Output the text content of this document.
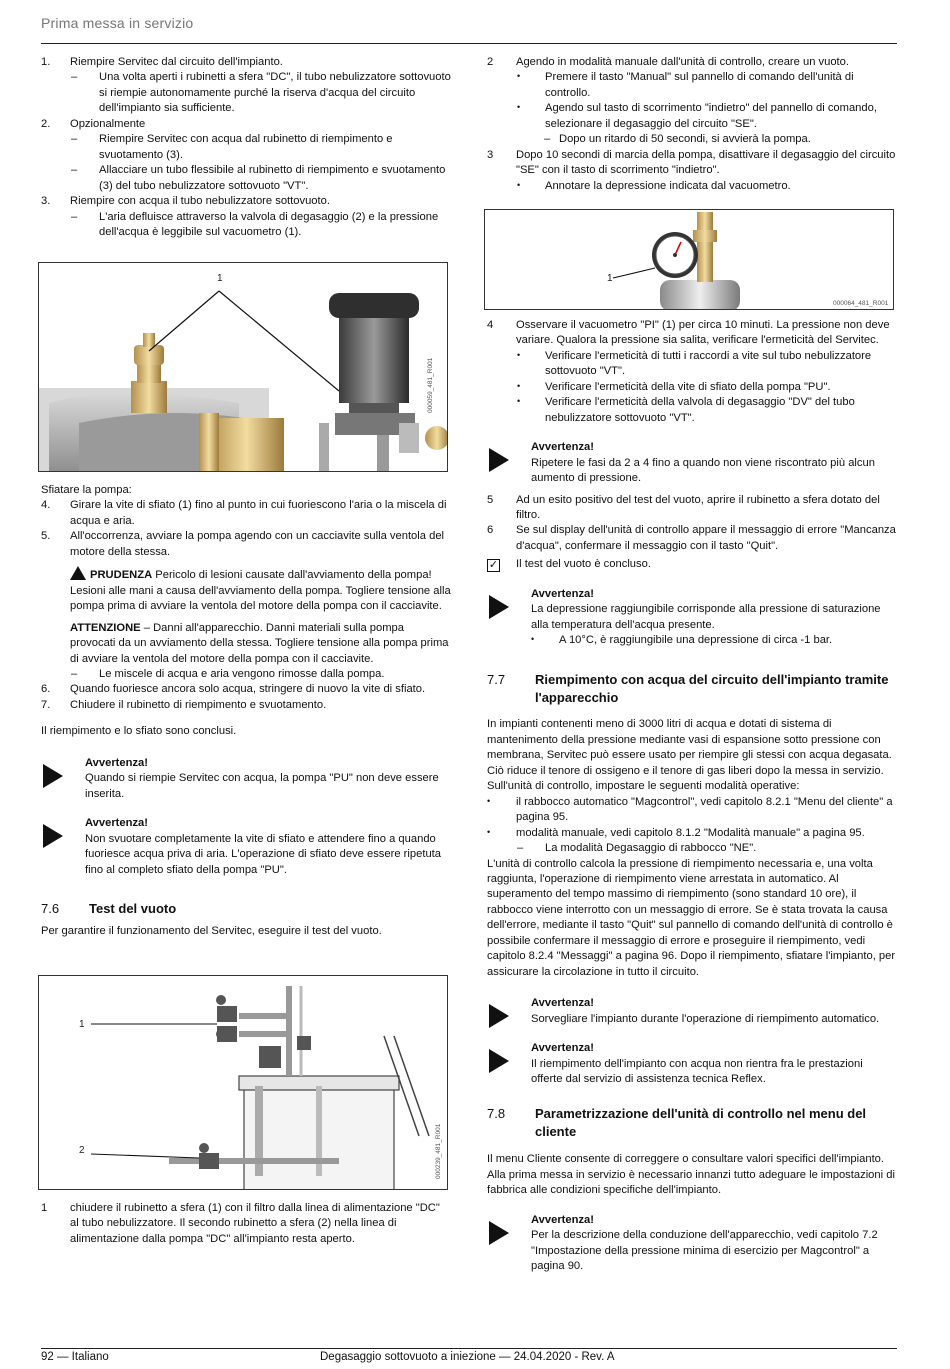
Prima messa in servizio
1. Riempire Servitec dal circuito dell'impianto.
– Una volta aperti i rubinetti a sfera "DC", il tubo nebulizzatore sottovuoto si riempie autonomamente purché la riserva d'acqua del circuito dell'impianto sia sufficiente.
2. Opzionalmente
– Riempire Servitec con acqua dal rubinetto di riempimento e svuotamento (3).
– Allacciare un tubo flessibile al rubinetto di riempimento e svuotamento (3) del tubo nebulizzatore sottovuoto "VT".
3. Riempire con acqua il tubo nebulizzatore sottovuoto.
– L'aria defluisce attraverso la valvola di degasaggio (2) e la pressione dell'acqua è leggibile sul vacuometro (1).
1
000059_481_R001
Sfiatare la pompa:
4. Girare la vite di sfiato (1) fino al punto in cui fuoriescono l'aria o la miscela di acqua e aria.
5. All'occorrenza, avviare la pompa agendo con un cacciavite sulla ventola del motore della stessa.
PRUDENZA Pericolo di lesioni causate dall'avviamento della pompa! Lesioni alle mani a causa dell'avviamento della pompa. Togliere tensione alla pompa prima di avviare la ventola del motore della pompa con il cacciavite.
ATTENZIONE – Danni all'apparecchio. Danni materiali sulla pompa provocati da un avviamento della stessa. Togliere tensione alla pompa prima di avviare la ventola del motore della pompa con il cacciavite.
– Le miscele di acqua e aria vengono rimosse dalla pompa.
6. Quando fuoriesce ancora solo acqua, stringere di nuovo la vite di sfiato.
7. Chiudere il rubinetto di riempimento e svuotamento.
Il riempimento e lo sfiato sono conclusi.
Avvertenza!
Quando si riempie Servitec con acqua, la pompa "PU" non deve essere inserita.
Avvertenza!
Non svuotare completamente la vite di sfiato e attendere fino a quando fuoriesce acqua priva di aria. L'operazione di sfiato deve essere ripetuta fino al completo sfiato della pompa "PU".
7.6 Test del vuoto
Per garantire il funzionamento del Servitec, eseguire il test del vuoto.
1
2	000239_481_R001
1 chiudere il rubinetto a sfera (1) con il filtro dalla linea di alimentazione "DC" al tubo nebulizzatore. Il secondo rubinetto a sfera (2) nella linea di alimentazione dalla pompa "DC" all'impianto resta aperto.
2 Agendo in modalità manuale dall'unità di controllo, creare un vuoto.
• Premere il tasto "Manual" sul pannello di comando dell'unità di controllo.
• Agendo sul tasto di scorrimento "indietro" del pannello di comando, selezionare il degasaggio del circuito "SE".
– Dopo un ritardo di 50 secondi, si avvierà la pompa.
3 Dopo 10 secondi di marcia della pompa, disattivare il degasaggio del circuito "SE" con il tasto di scorrimento "indietro".
• Annotare la depressione indicata dal vacuometro.
1
000064_481_R001
4 Osservare il vacuometro "PI" (1) per circa 10 minuti. La pressione non deve variare. Qualora la pressione sia salita, verificare l'ermeticità del Servitec.
• Verificare l'ermeticità di tutti i raccordi a vite sul tubo nebulizzatore sottovuoto "VT".
• Verificare l'ermeticità della vite di sfiato della pompa "PU".
• Verificare l'ermeticità della valvola di degasaggio "DV" del tubo nebulizzatore sottovuoto "VT".
Avvertenza!
Ripetere le fasi da 2 a 4 fino a quando non viene riscontrato più alcun aumento di pressione.
5 Ad un esito positivo del test del vuoto, aprire il rubinetto a sfera dotato del filtro.
6 Se sul display dell'unità di controllo appare il messaggio di errore "Mancanza d'acqua", confermare il messaggio con il tasto "Quit".
✓ Il test del vuoto è concluso.
Avvertenza!
La depressione raggiungibile corrisponde alla pressione di saturazione alla temperatura dell'acqua presente.
• A 10°C, è raggiungibile una depressione di circa -1 bar.
7.7 Riempimento con acqua del circuito dell'impianto tramite l'apparecchio
In impianti contenenti meno di 3000 litri di acqua e dotati di sistema di mantenimento della pressione mediante vasi di espansione sotto pressione con membrana, Servitec può essere usato per riempire gli stessi con acqua degasata. Ciò riduce il tenore di ossigeno e il tenore di gas liberi dopo la messa in servizio.
Sull'unità di controllo, impostare le seguenti modalità operative:
• il rabbocco automatico "Magcontrol", vedi capitolo 8.2.1 "Menu del cliente" a pagina 95.
• modalità manuale, vedi capitolo 8.1.2 "Modalità manuale" a pagina 95.
– La modalità Degasaggio di rabbocco "NE".
L'unità di controllo calcola la pressione di riempimento necessaria e, una volta raggiunta, l'operazione di riempimento viene arrestata in automatico. Al superamento del tempo massimo di riempimento (sono standard 10 ore), il rabbocco viene interrotto con un messaggio di errore. Se è stata trovata la causa dell'errore, mediante il tasto "Quit" sul pannello di comando dell'unità di controllo è possibile confermare il messaggio di errore e proseguire il riempimento, vedi capitolo 8.2.4 "Messaggi" a pagina 96. Dopo il riempimento, sfiatare l'impianto, per assicurare la circolazione in tutto il circuito.
Avvertenza!
Sorvegliare l'impianto durante l'operazione di riempimento automatico.
Avvertenza!
Il riempimento dell'impianto con acqua non rientra fra le prestazioni offerte dal servizio di assistenza tecnica Reflex.
7.8 Parametrizzazione dell'unità di controllo nel menu del cliente
Il menu Cliente consente di correggere o consultare valori specifici dell'impianto. Alla prima messa in servizio è necessario innanzi tutto adeguare le impostazioni di fabbrica alle condizioni specifiche dell'impianto.
Avvertenza!
Per la descrizione della conduzione dell'apparecchio, vedi capitolo 7.2 "Impostazione della pressione minima di esercizio per Magcontrol" a pagina 90.
92 — Italiano	Degasaggio sottovuoto a iniezione — 24.04.2020 - Rev. A
